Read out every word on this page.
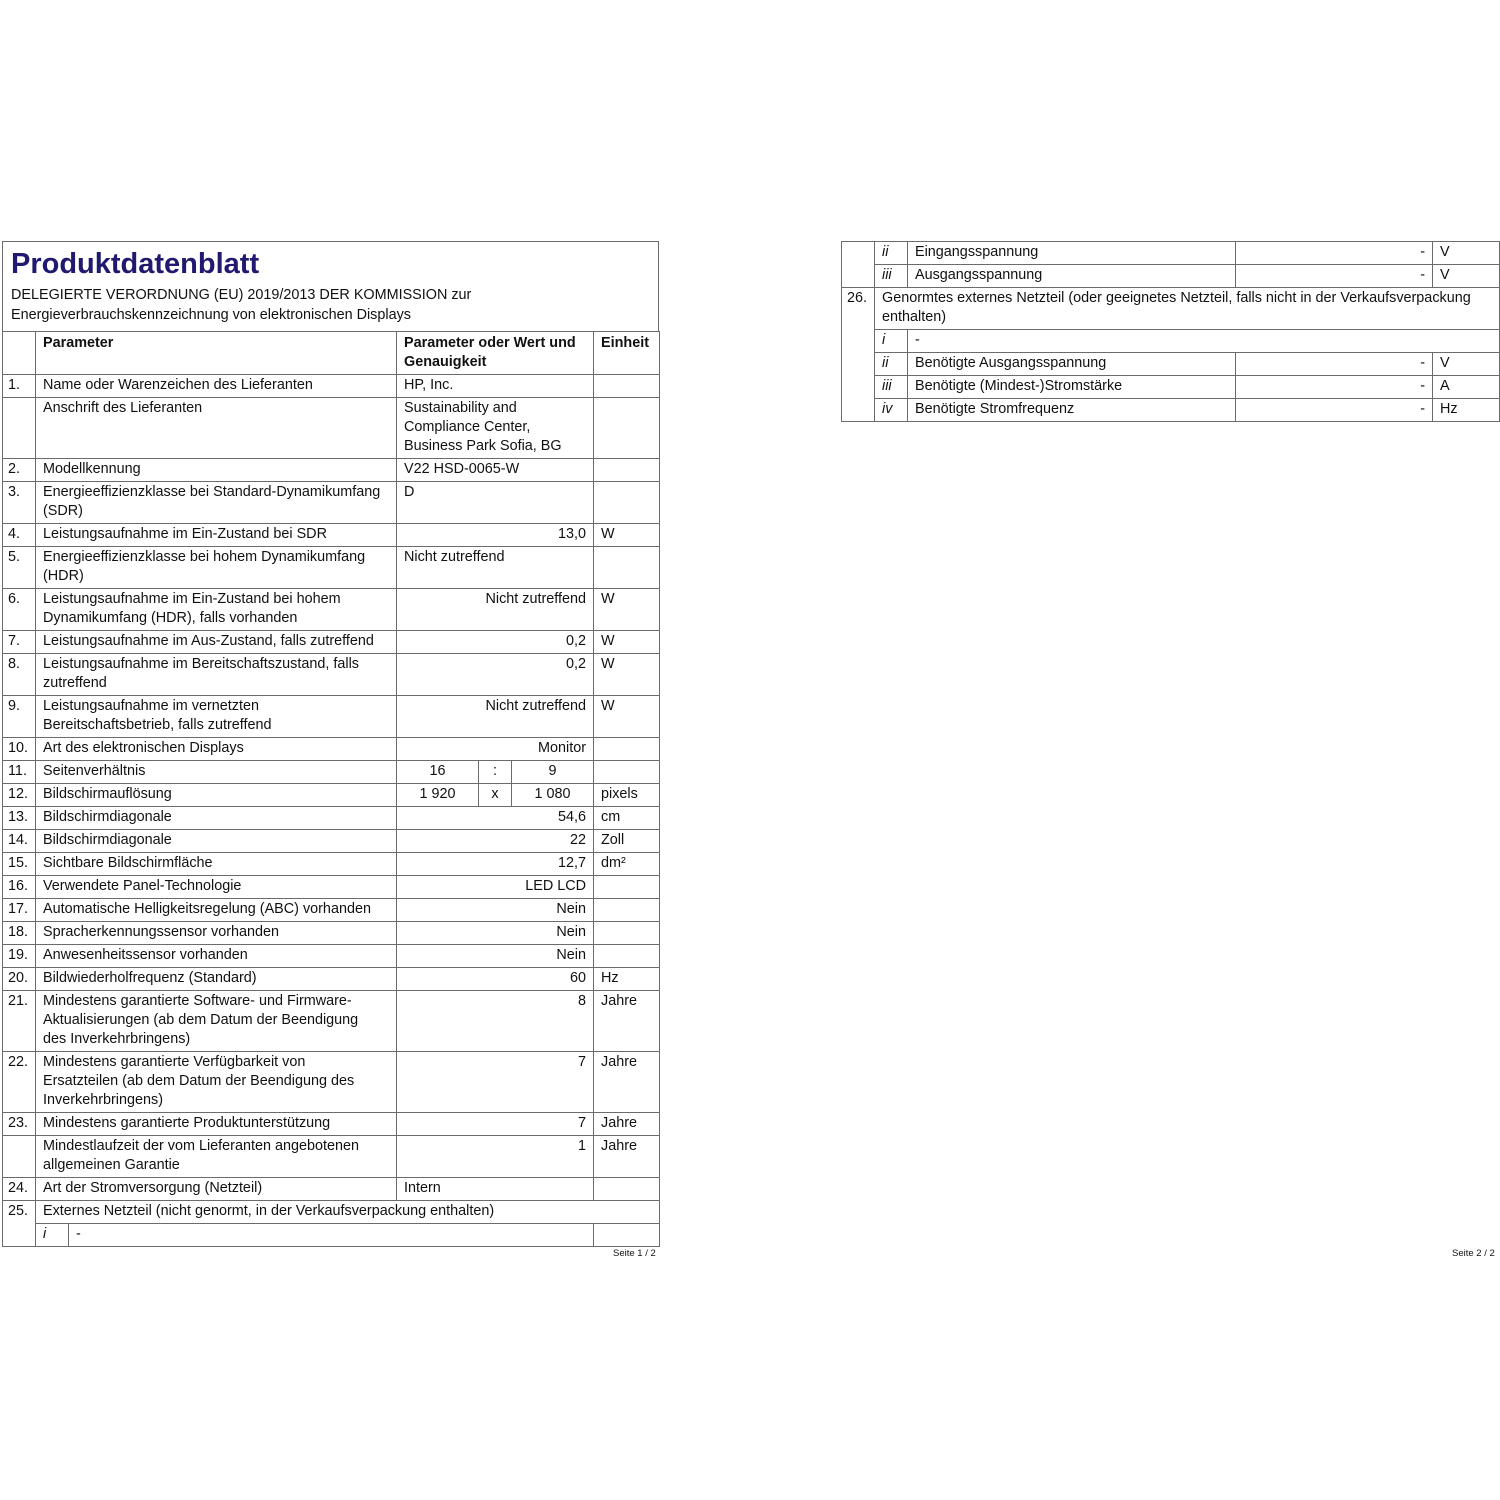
Produktdatenblatt
DELEGIERTE VERORDNUNG (EU) 2019/2013 DER KOMMISSION zur
Energieverbrauchskennzeichnung von elektronischen Displays
	Parameter		Parameter oder Wert und
Genauigkeit			Einheit
1.	Name oder Warenzeichen des Lieferanten		HP, Inc.			

	Anschrift des Lieferanten		Sustainability and
Compliance Center,
Business Park Sofia, BG			

2.	Modellkennung		V22 HSD-0065-W			

3.	Energieeffizienzklasse bei Standard-Dynamikumfang
(SDR)		D			

4.	Leistungsaufnahme im Ein-Zustand bei SDR		13,0			W
5.	Energieeffizienzklasse bei hohem Dynamikumfang
(HDR)		Nicht zutreffend			

6.	Leistungsaufnahme im Ein-Zustand bei hohem
Dynamikumfang (HDR), falls vorhanden		Nicht zutreffend			W
7.	Leistungsaufnahme im Aus-Zustand, falls zutreffend		0,2			W
8.	Leistungsaufnahme im Bereitschaftszustand, falls
zutreffend		0,2			W
9.	Leistungsaufnahme im vernetzten
Bereitschaftsbetrieb, falls zutreffend		Nicht zutreffend			W
10.	Art des elektronischen Displays		Monitor			

11.	Seitenverhältnis		16	:	9	
12.	Bildschirmauflösung		1 920	x	1 080	pixels
13.	Bildschirmdiagonale		54,6			cm
14.	Bildschirmdiagonale		22			Zoll
15.	Sichtbare Bildschirmfläche		12,7			dm²
16.	Verwendete Panel-Technologie		LED LCD			

17.	Automatische Helligkeitsregelung (ABC) vorhanden		Nein			

18.	Spracherkennungssensor vorhanden		Nein			

19.	Anwesenheitssensor vorhanden		Nein			

20.	Bildwiederholfrequenz (Standard)		60			Hz
21.	Mindestens garantierte Software- und Firmware-
Aktualisierungen (ab dem Datum der Beendigung
des Inverkehrbringens)		8			Jahre
22.	Mindestens garantierte Verfügbarkeit von
Ersatzteilen (ab dem Datum der Beendigung des
Inverkehrbringens)		7			Jahre
23.	Mindestens garantierte Produktunterstützung		7			Jahre

	Mindestlaufzeit der vom Lieferanten angebotenen
allgemeinen Garantie		1			Jahre
24.	Art der Stromversorgung (Netzteil)		Intern			

25.	Externes Netzteil (nicht genormt, in der Verkaufsverpackung enthalten)					
	i	-				
Seite 1 / 2
	ii	Eingangsspannung	-	V
	iii	Ausgangsspannung	-	V
26.	Genormtes externes Netzteil (oder geeignetes Netzteil, falls nicht in der Verkaufsverpackung
enthalten)			

	i	-		
	ii	Benötigte Ausgangsspannung	-	V
	iii	Benötigte (Mindest-)Stromstärke	-	A
	iv	Benötigte Stromfrequenz	-	Hz
Seite 2 / 2
